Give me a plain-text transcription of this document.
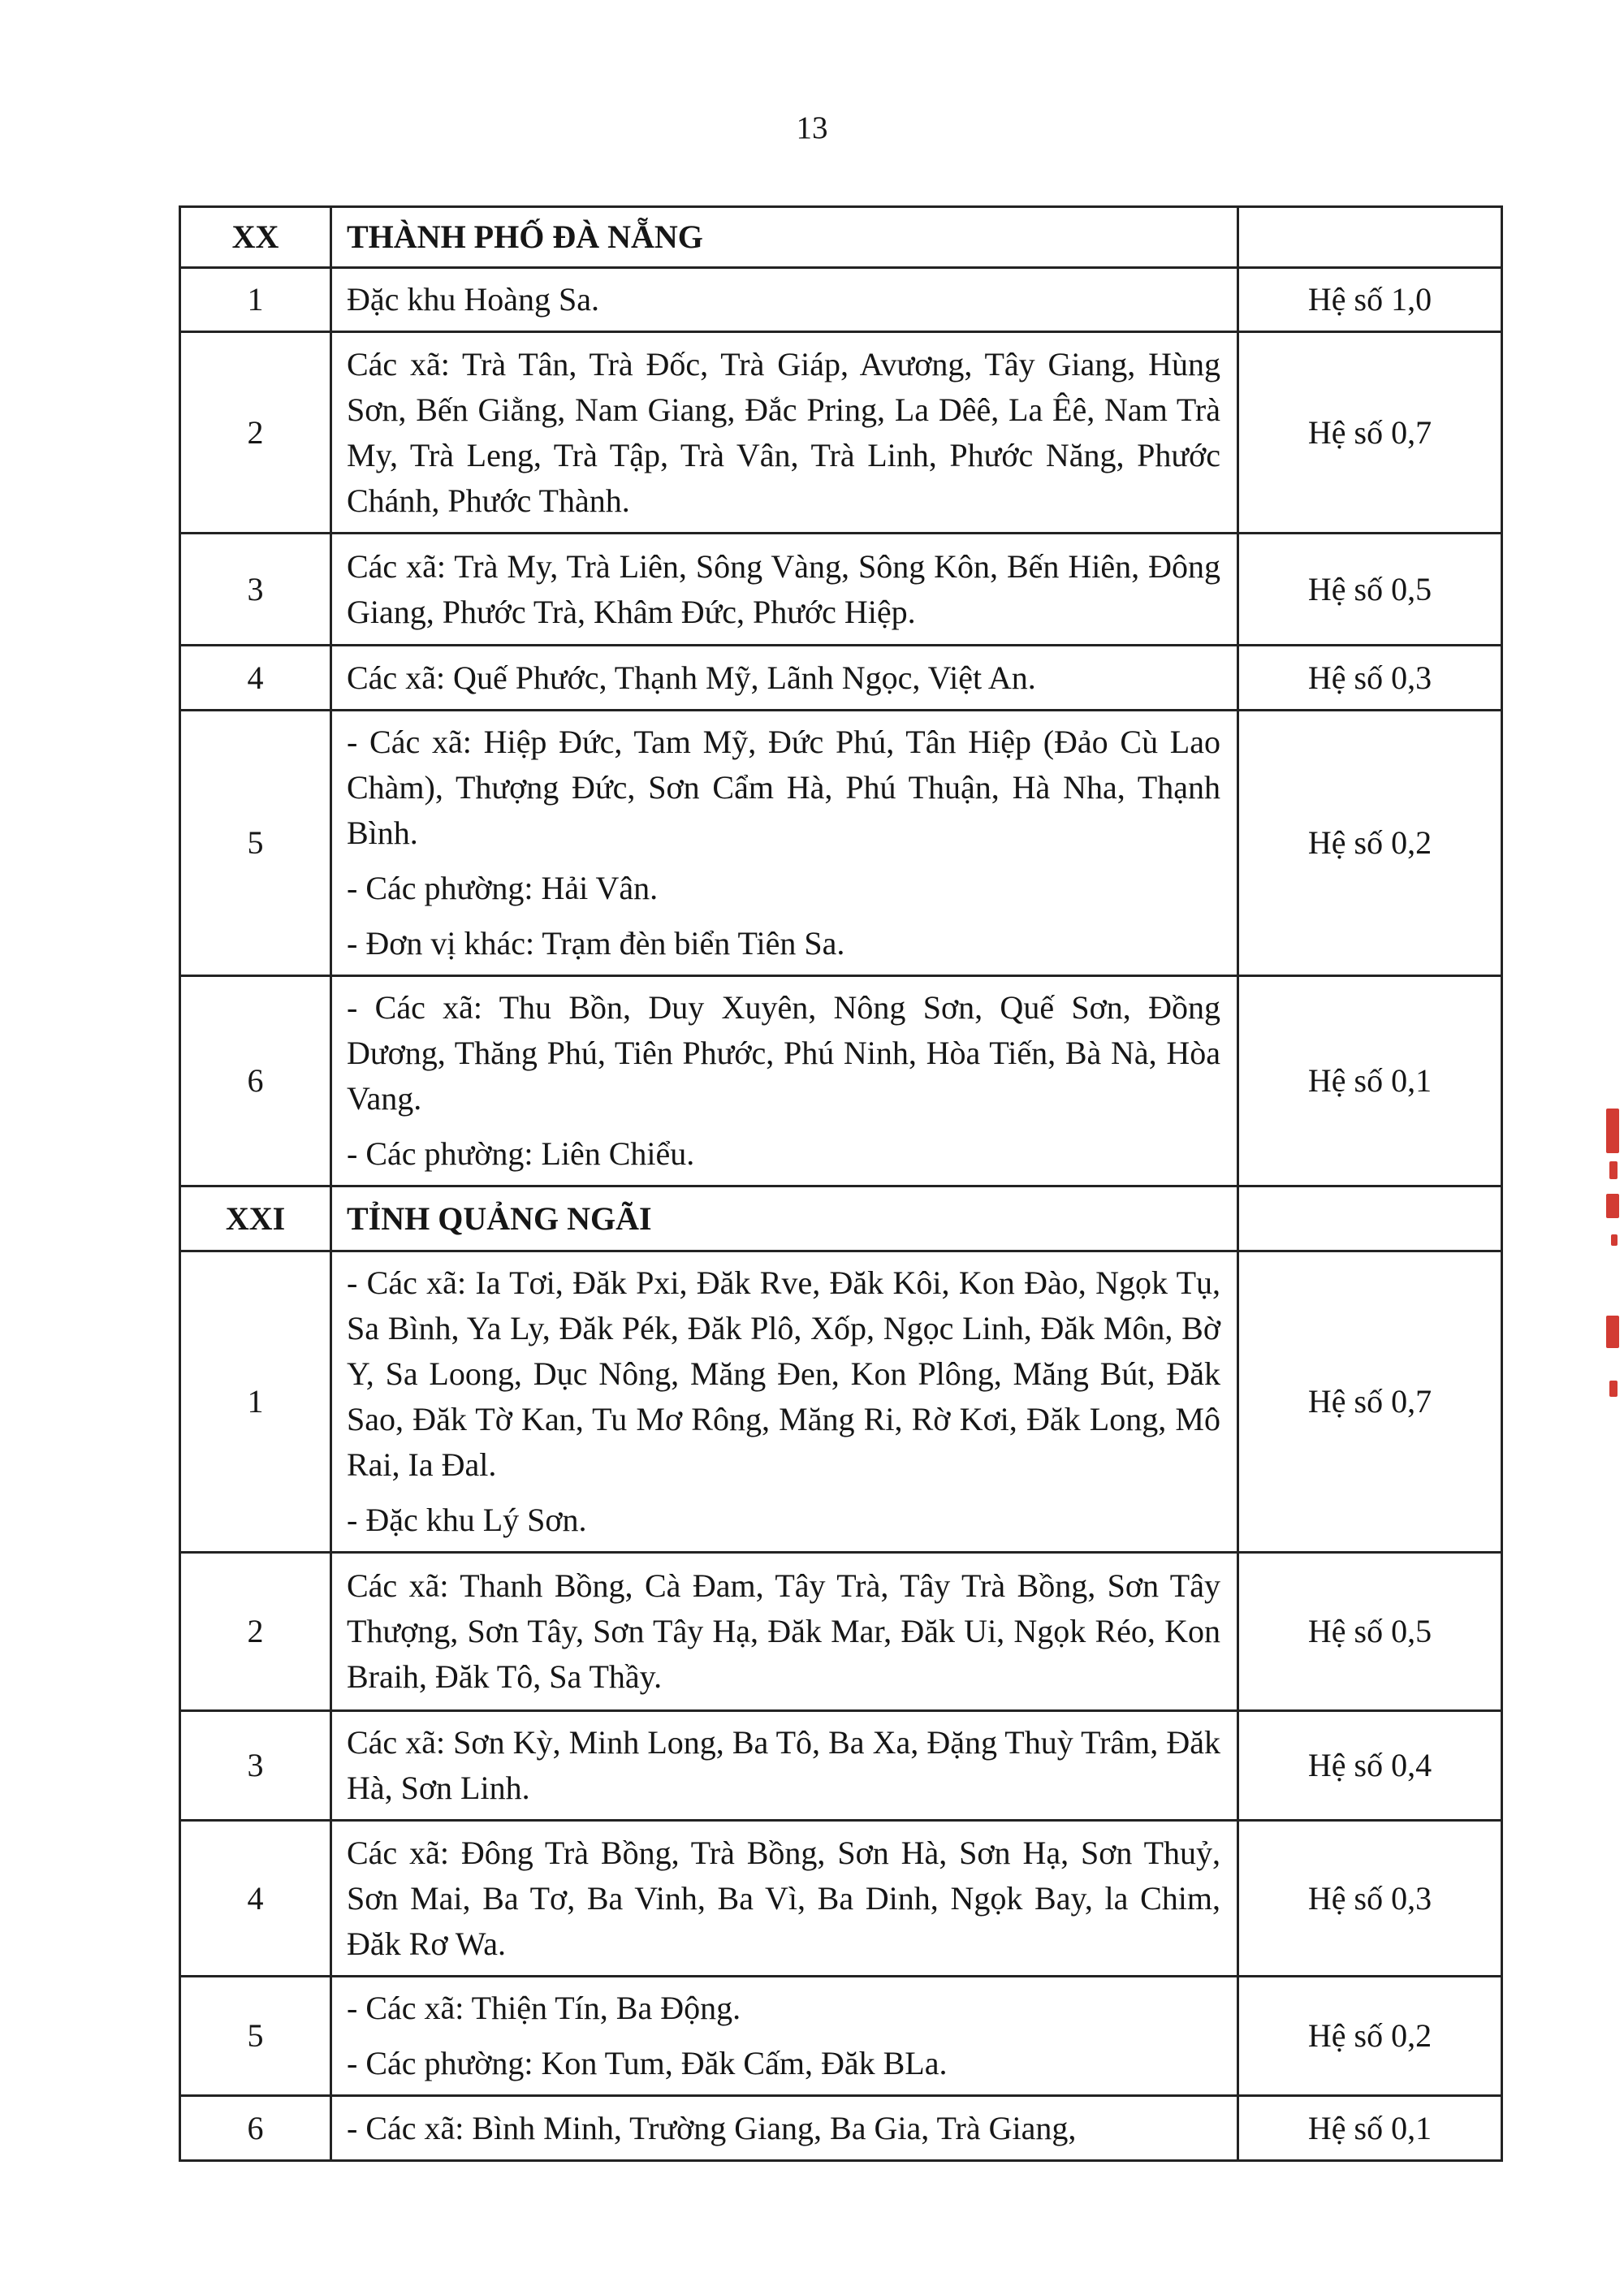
13
XX	THÀNH PHỐ ĐÀ NẴNG	
1	Đặc khu Hoàng Sa.	Hệ số 1,0
2	Các xã: Trà Tân, Trà Đốc, Trà Giáp, Avương, Tây Giang, Hùng Sơn, Bến Giằng, Nam Giang, Đắc Pring, La Dêê, La Êê, Nam Trà My, Trà Leng, Trà Tập, Trà Vân, Trà Linh, Phước Năng, Phước Chánh, Phước Thành.	Hệ số 0,7
3	Các xã: Trà My, Trà Liên, Sông Vàng, Sông Kôn, Bến Hiên, Đông Giang, Phước Trà, Khâm Đức, Phước Hiệp.	Hệ số 0,5
4	Các xã: Quế Phước, Thạnh Mỹ, Lãnh Ngọc, Việt An.	Hệ số 0,3
5	- Các xã: Hiệp Đức, Tam Mỹ, Đức Phú, Tân Hiệp (Đảo Cù Lao Chàm), Thượng Đức, Sơn Cẩm Hà, Phú Thuận, Hà Nha, Thạnh Bình.

- Các phường: Hải Vân.

- Đơn vị khác: Trạm đèn biển Tiên Sa.	Hệ số 0,2
6	- Các xã: Thu Bồn, Duy Xuyên, Nông Sơn, Quế Sơn, Đồng Dương, Thăng Phú, Tiên Phước, Phú Ninh, Hòa Tiến, Bà Nà, Hòa Vang.

- Các phường: Liên Chiểu.	Hệ số 0,1
XXI	TỈNH QUẢNG NGÃI	
1	- Các xã: Ia Tơi, Đăk Pxi, Đăk Rve, Đăk Kôi, Kon Đào, Ngọk Tụ, Sa Bình, Ya Ly, Đăk Pék, Đăk Plô, Xốp, Ngọc Linh, Đăk Môn, Bờ Y, Sa Loong, Dục Nông, Măng Đen, Kon Plông, Măng Bút, Đăk Sao, Đăk Tờ Kan, Tu Mơ Rông, Măng Ri, Rờ Kơi, Đăk Long, Mô Rai, Ia Đal.

- Đặc khu Lý Sơn.	Hệ số 0,7
2	Các xã: Thanh Bồng, Cà Đam, Tây Trà, Tây Trà Bồng, Sơn Tây Thượng, Sơn Tây, Sơn Tây Hạ, Đăk Mar, Đăk Ui, Ngọk Réo, Kon Braih, Đăk Tô, Sa Thầy.	Hệ số 0,5
3	Các xã: Sơn Kỳ, Minh Long, Ba Tô, Ba Xa, Đặng Thuỳ Trâm, Đăk Hà, Sơn Linh.	Hệ số 0,4
4	Các xã: Đông Trà Bồng, Trà Bồng, Sơn Hà, Sơn Hạ, Sơn Thuỷ, Sơn Mai, Ba Tơ, Ba Vinh, Ba Vì, Ba Dinh, Ngọk Bay, la Chim, Đăk Rơ Wa.	Hệ số 0,3
5	- Các xã: Thiện Tín, Ba Động.

- Các phường: Kon Tum, Đăk Cấm, Đăk BLa.	Hệ số 0,2
6	- Các xã: Bình Minh, Trường Giang, Ba Gia, Trà Giang,	Hệ số 0,1
